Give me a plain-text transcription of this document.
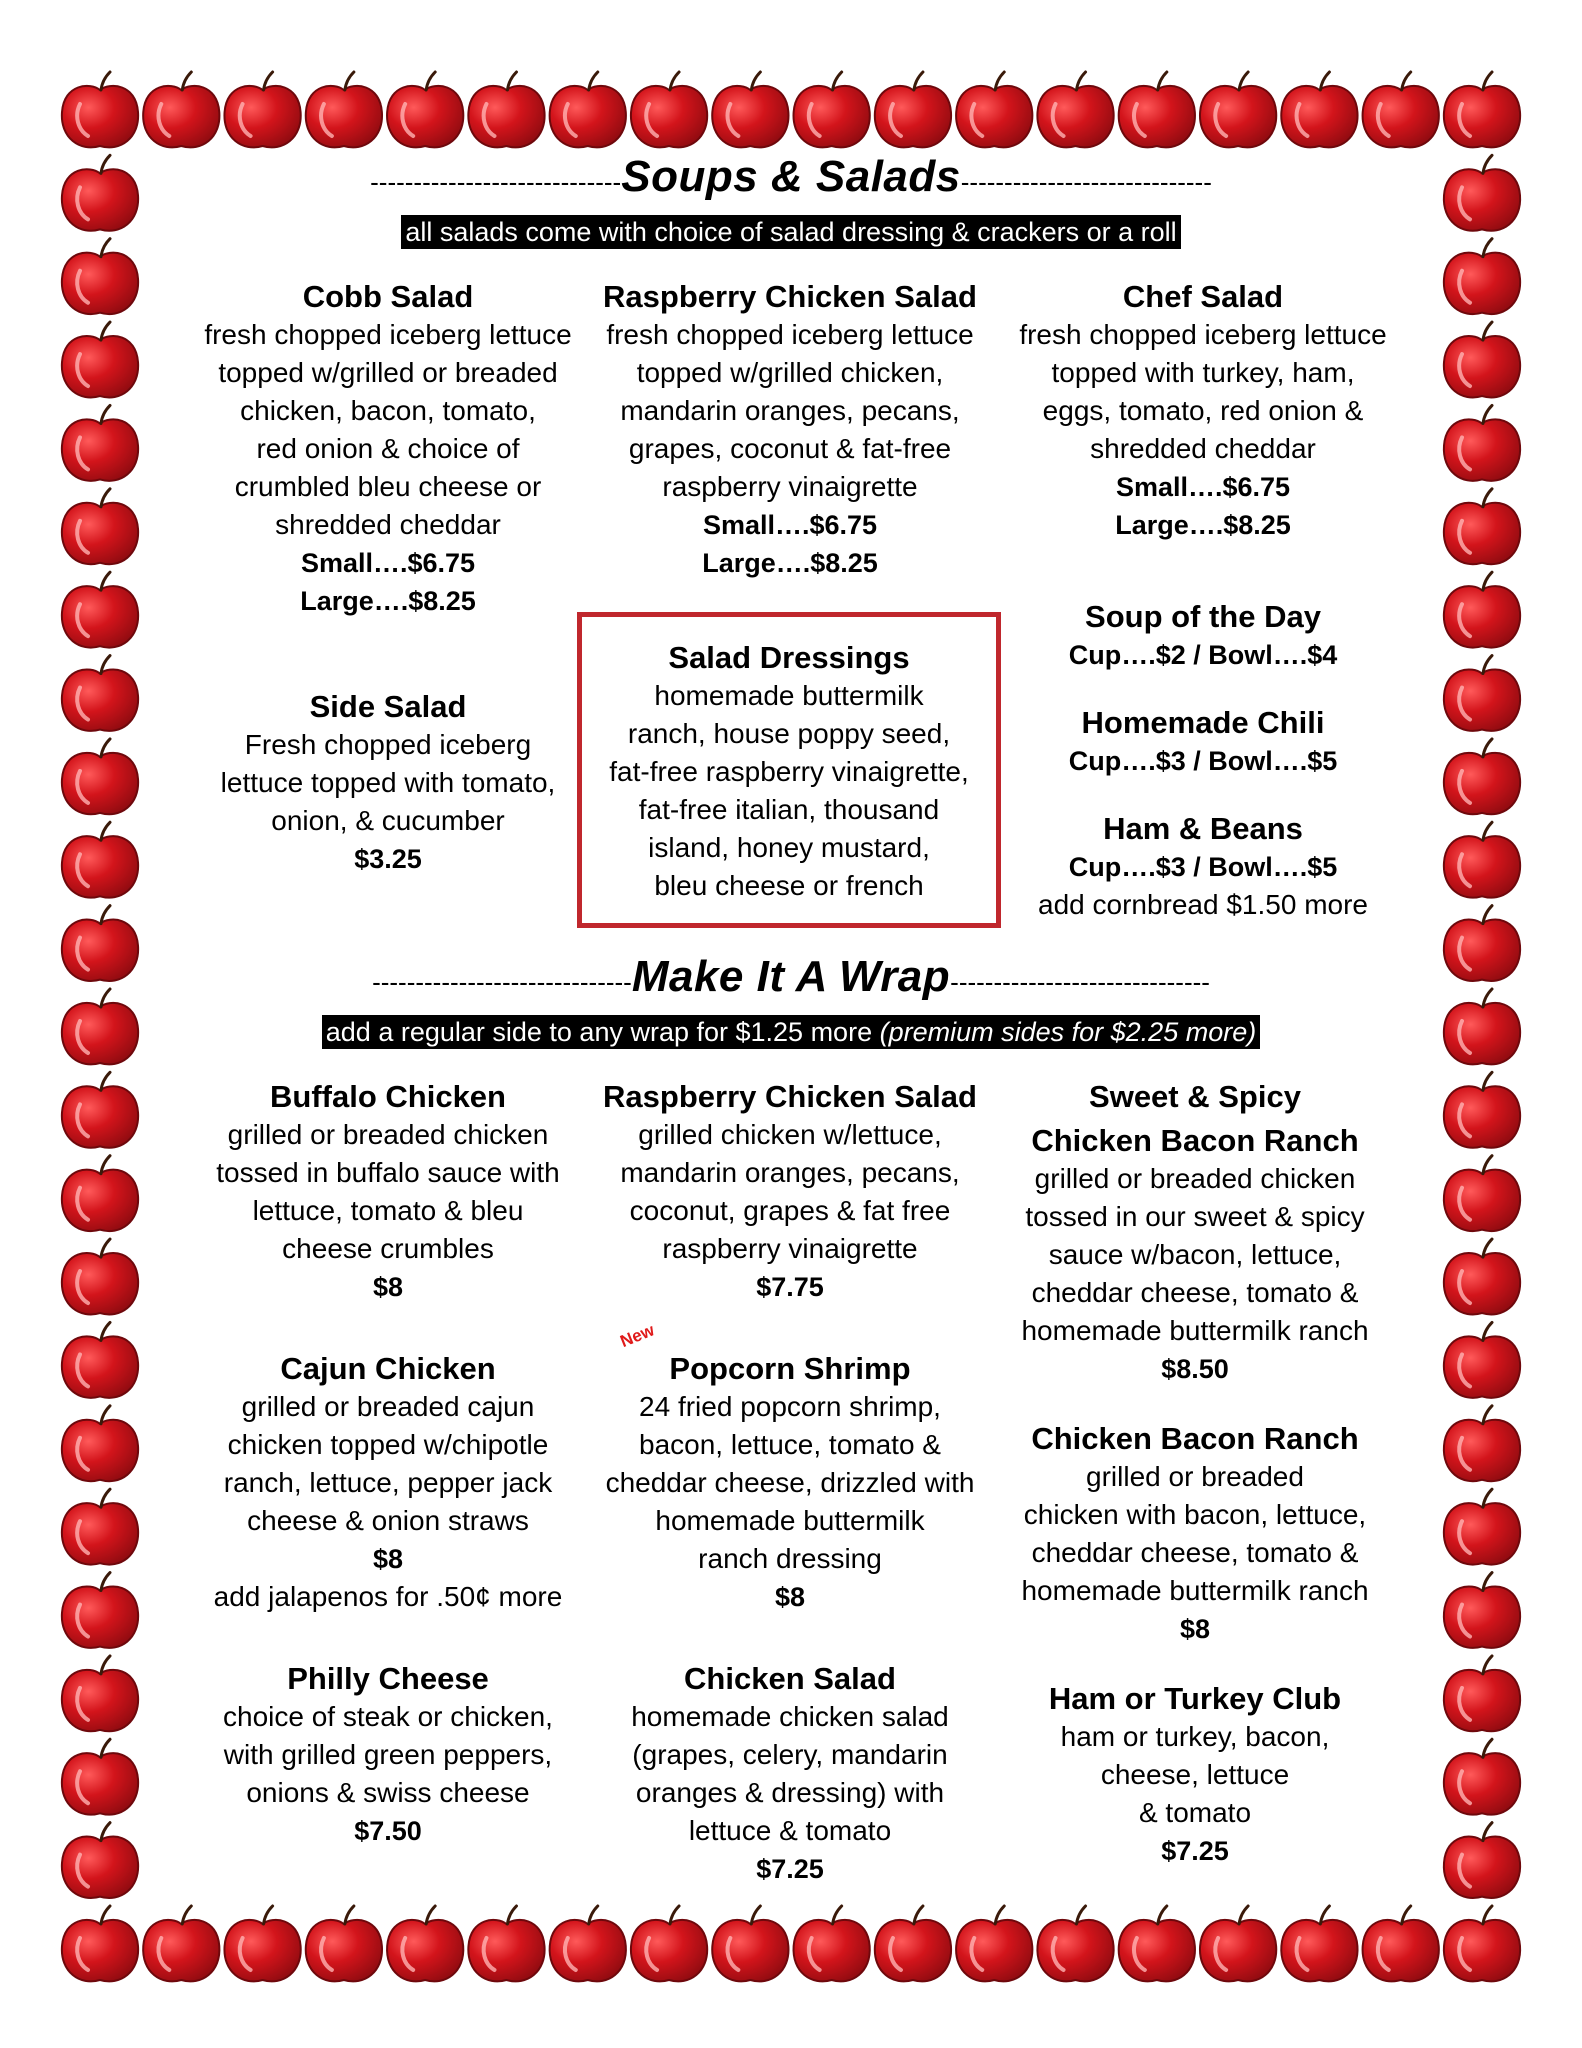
-----------------------------Soups & Salads-----------------------------
all salads come with choice of salad dressing & crackers or a roll

Cobb Salad

fresh chopped iceberg lettuce
topped w/grilled or breaded
chicken, bacon, tomato,
red onion & choice of
crumbled bleu cheese or
shredded cheddar

Small….$6.75
Large….$8.25

Raspberry Chicken Salad

fresh chopped iceberg lettuce
topped w/grilled chicken,
mandarin oranges, pecans,
grapes, coconut & fat-free
raspberry vinaigrette

Small….$6.75
Large….$8.25

Chef Salad

fresh chopped iceberg lettuce
topped with turkey, ham,
eggs, tomato, red onion &
shredded cheddar

Small….$6.75
Large….$8.25

Side Salad

Fresh chopped iceberg
lettuce topped with tomato,
onion, & cucumber

$3.25

Salad Dressings

homemade buttermilk
ranch, house poppy seed,
fat-free raspberry vinaigrette,
fat-free italian, thousand
island, honey mustard,
bleu cheese or french

Soup of the Day

Cup….$2 / Bowl….$4

Homemade Chili

Cup….$3 / Bowl….$5

Ham & Beans

Cup….$3 / Bowl….$5

add cornbread $1.50 more

------------------------------Make It A Wrap------------------------------
add a regular side to any wrap for $1.25 more (premium sides for $2.25 more)

Buffalo Chicken

grilled or breaded chicken
tossed in buffalo sauce with
lettuce, tomato & bleu
cheese crumbles

$8

Raspberry Chicken Salad

grilled chicken w/lettuce,
mandarin oranges, pecans,
coconut, grapes & fat free
raspberry vinaigrette

$7.75

Sweet & Spicy

Chicken Bacon Ranch

grilled or breaded chicken
tossed in our sweet & spicy
sauce w/bacon, lettuce,
cheddar cheese, tomato &
homemade buttermilk ranch

$8.50

Cajun Chicken

grilled or breaded cajun
chicken topped w/chipotle
ranch, lettuce, pepper jack
cheese & onion straws

$8

add jalapenos for .50¢ more

New

Popcorn Shrimp

24 fried popcorn shrimp,
bacon, lettuce, tomato &
cheddar cheese, drizzled with
homemade buttermilk
ranch dressing

$8

Chicken Bacon Ranch

grilled or breaded
chicken with bacon, lettuce,
cheddar cheese, tomato &
homemade buttermilk ranch

$8

Philly Cheese

choice of steak or chicken,
with grilled green peppers,
onions & swiss cheese

$7.50

Chicken Salad

homemade chicken salad
(grapes, celery, mandarin
oranges & dressing) with
lettuce & tomato

$7.25

Ham or Turkey Club

ham or turkey, bacon,
cheese, lettuce
& tomato

$7.25
